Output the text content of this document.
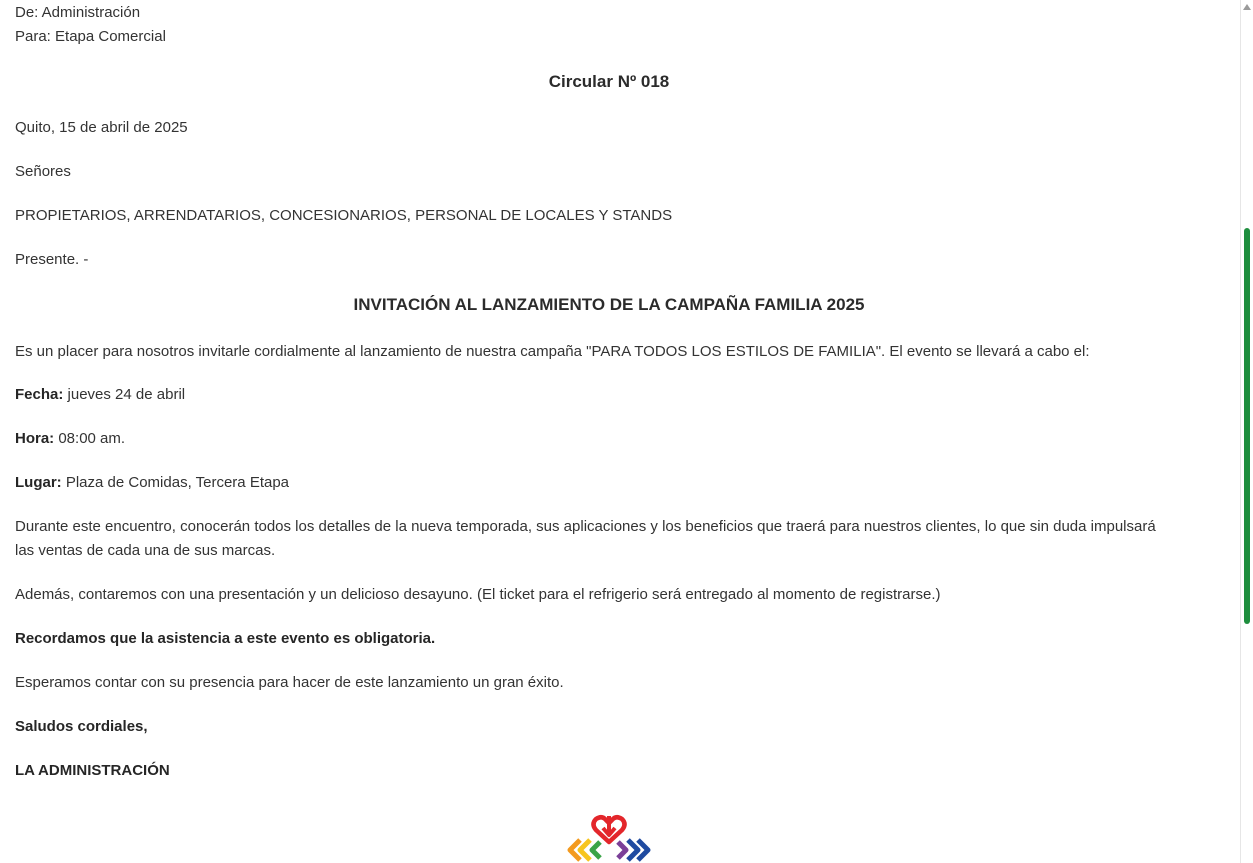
De: Administración
Para: Etapa Comercial
Circular Nº 018
Quito, 15 de abril de 2025
Señores
PROPIETARIOS, ARRENDATARIOS, CONCESIONARIOS, PERSONAL DE LOCALES Y STANDS
Presente. -
INVITACIÓN AL LANZAMIENTO DE LA CAMPAÑA FAMILIA 2025
Es un placer para nosotros invitarle cordialmente al lanzamiento de nuestra campaña "PARA TODOS LOS ESTILOS DE FAMILIA". El evento se llevará a cabo el:
Fecha: jueves 24 de abril
Hora: 08:00 am.
Lugar: Plaza de Comidas, Tercera Etapa
Durante este encuentro, conocerán todos los detalles de la nueva temporada, sus aplicaciones y los beneficios que traerá para nuestros clientes, lo que sin duda impulsará las ventas de cada una de sus marcas.
Además, contaremos con una presentación y un delicioso desayuno. (El ticket para el refrigerio será entregado al momento de registrarse.)
Recordamos que la asistencia a este evento es obligatoria.
Esperamos contar con su presencia para hacer de este lanzamiento un gran éxito.
Saludos cordiales,
LA ADMINISTRACIÓN
